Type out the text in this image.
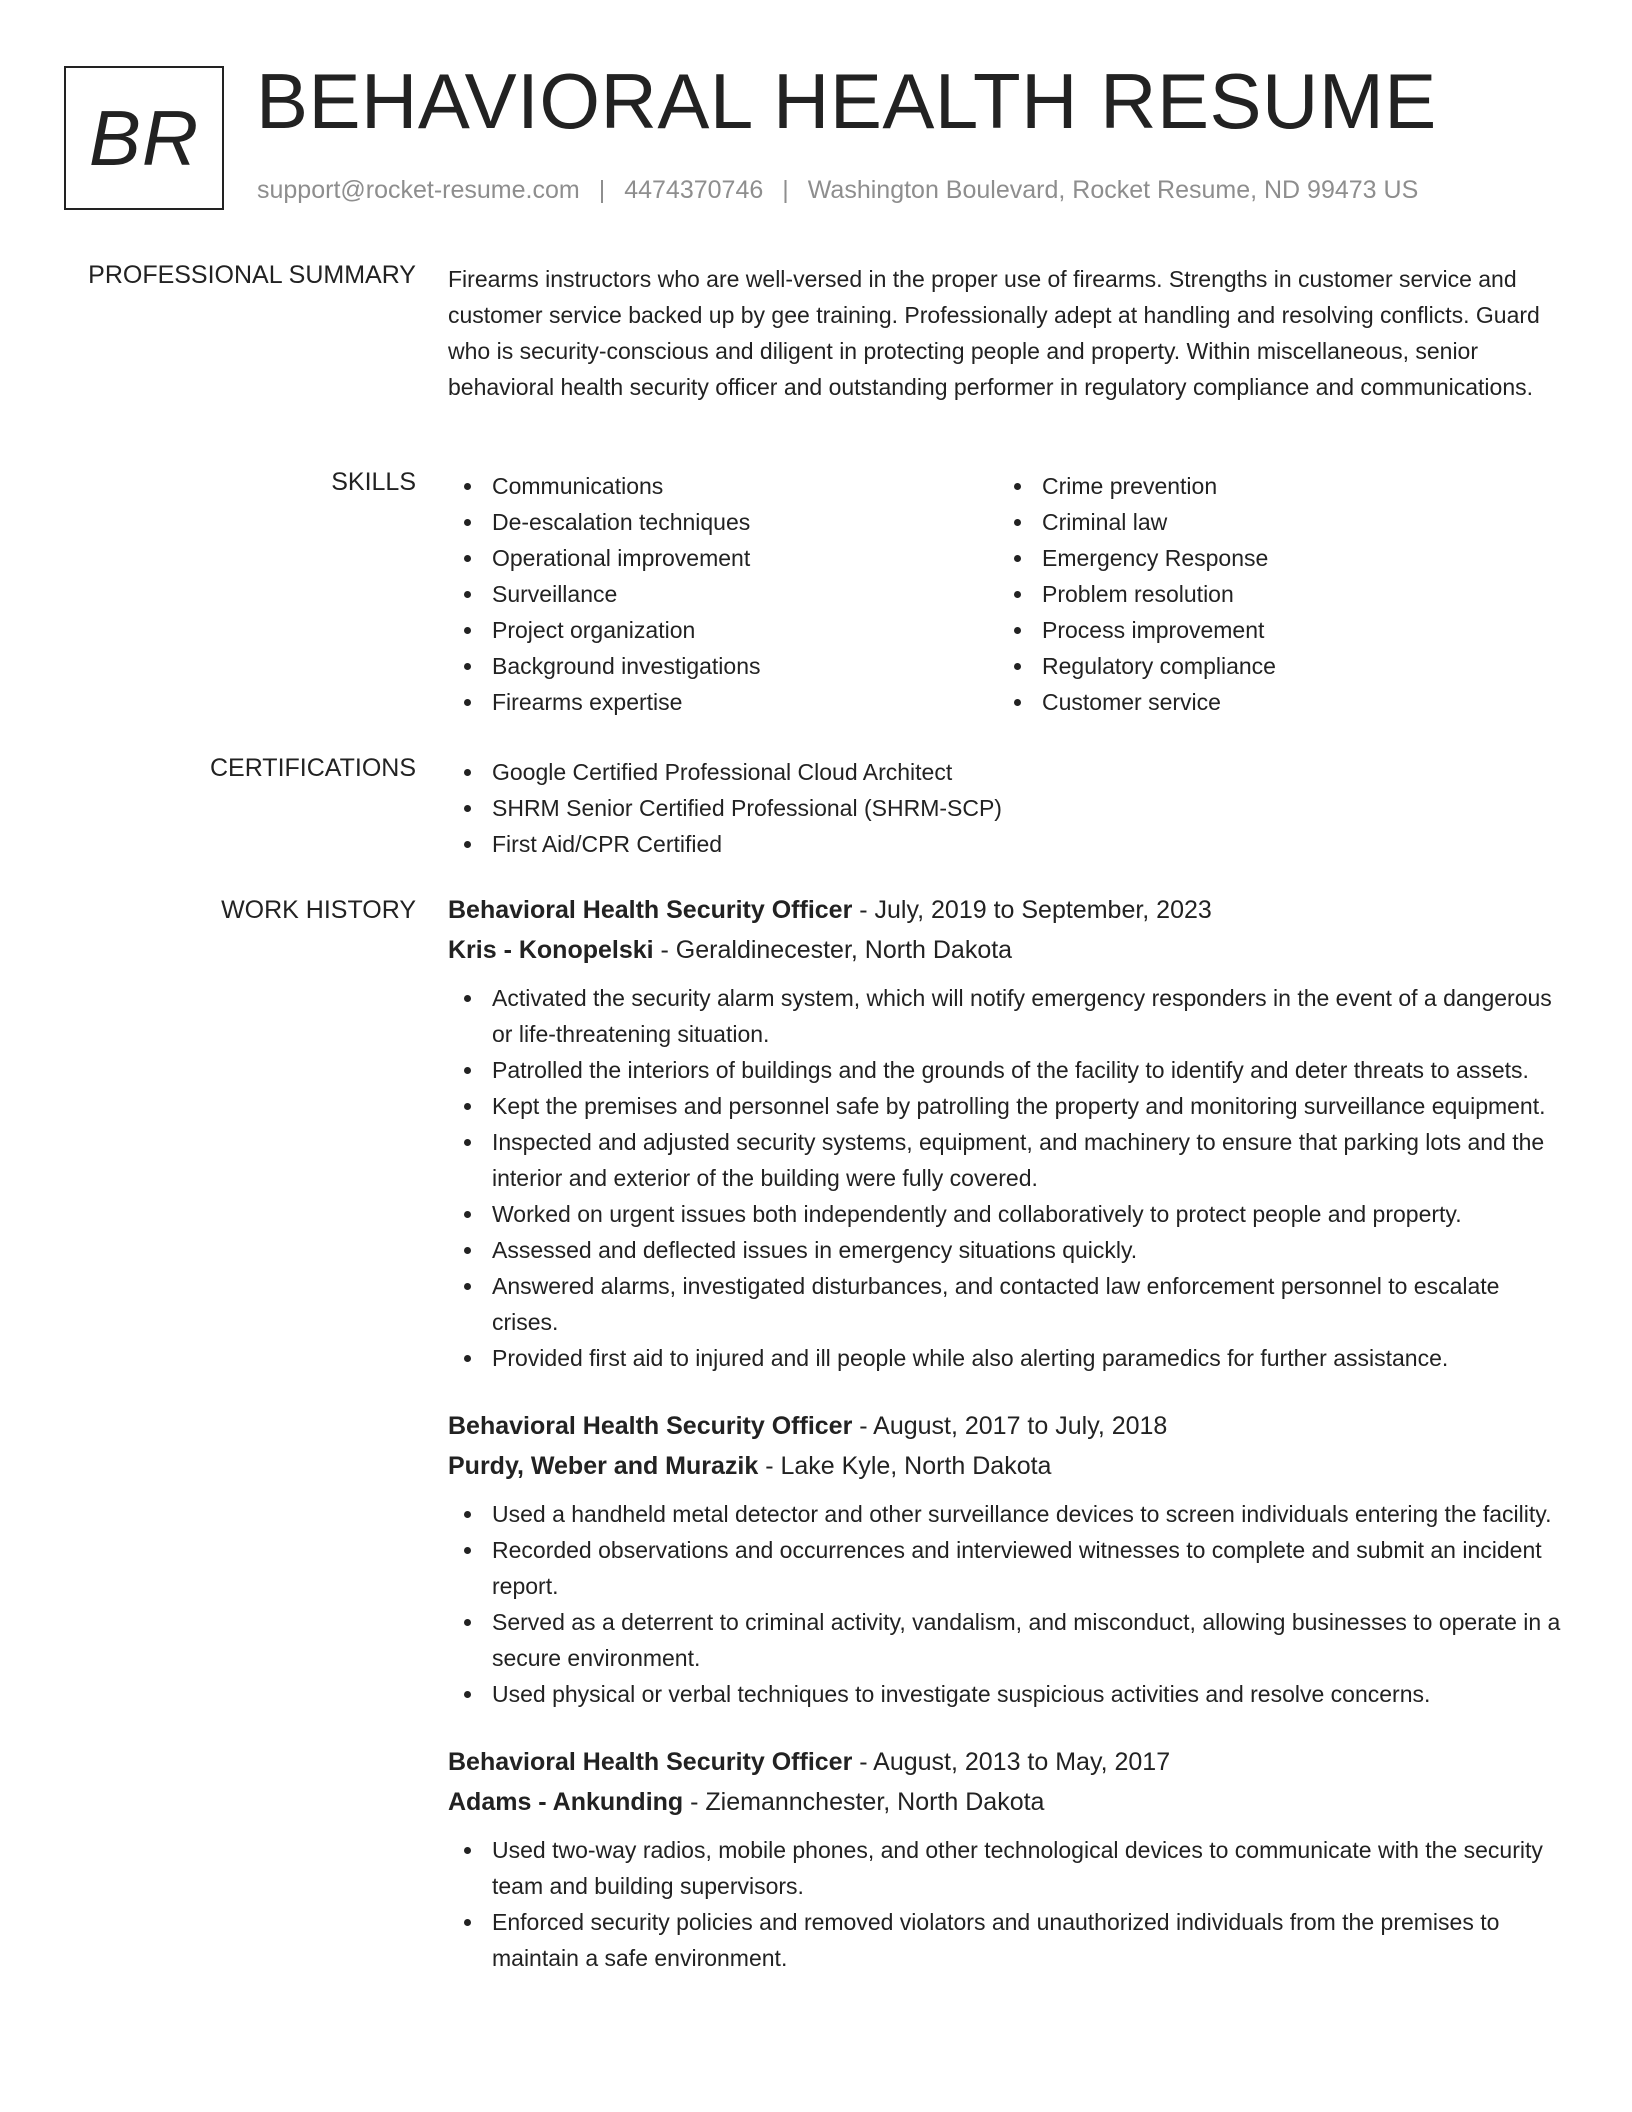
BR BEHAVIORAL HEALTH RESUME
support@rocket-resume.com | 4474370746 | Washington Boulevard, Rocket Resume, ND 99473 US
PROFESSIONAL SUMMARY Firearms instructors who are well-versed in the proper use of firearms. Strengths in customer service and customer service backed up by gee training. Professionally adept at handling and resolving conflicts. Guard who is security-conscious and diligent in protecting people and property. Within miscellaneous, senior behavioral health security officer and outstanding performer in regulatory compliance and communications.

SKILLS	Communications
De-escalation techniques
Operational improvement
Surveillance
Project organization
Background investigations
Firearms expertise
Crime prevention
Criminal law
Emergency Response
Problem resolution
Process improvement
Regulatory compliance
Customer service
CERTIFICATIONS	Google Certified Professional Cloud Architect
SHRM Senior Certified Professional (SHRM-SCP)
First Aid/CPR Certified
WORK HISTORY Behavioral Health Security Officer - July, 2019 to September, 2023
Kris - Konopelski - Geraldinecester, North Dakota
Activated the security alarm system, which will notify emergency responders in the event of a dangerous or life-threatening situation.
Patrolled the interiors of buildings and the grounds of the facility to identify and deter threats to assets.
Kept the premises and personnel safe by patrolling the property and monitoring surveillance equipment.
Inspected and adjusted security systems, equipment, and machinery to ensure that parking lots and the interior and exterior of the building were fully covered.
Worked on urgent issues both independently and collaboratively to protect people and property.
Assessed and deflected issues in emergency situations quickly.
Answered alarms, investigated disturbances, and contacted law enforcement personnel to escalate crises.
Provided first aid to injured and ill people while also alerting paramedics for further assistance.
Behavioral Health Security Officer - August, 2017 to July, 2018
Purdy, Weber and Murazik - Lake Kyle, North Dakota
Used a handheld metal detector and other surveillance devices to screen individuals entering the facility.
Recorded observations and occurrences and interviewed witnesses to complete and submit an incident report.
Served as a deterrent to criminal activity, vandalism, and misconduct, allowing businesses to operate in a secure environment.
Used physical or verbal techniques to investigate suspicious activities and resolve concerns.
Behavioral Health Security Officer - August, 2013 to May, 2017
Adams - Ankunding - Ziemannchester, North Dakota
Used two-way radios, mobile phones, and other technological devices to communicate with the security team and building supervisors.
Enforced security policies and removed violators and unauthorized individuals from the premises to maintain a safe environment.
